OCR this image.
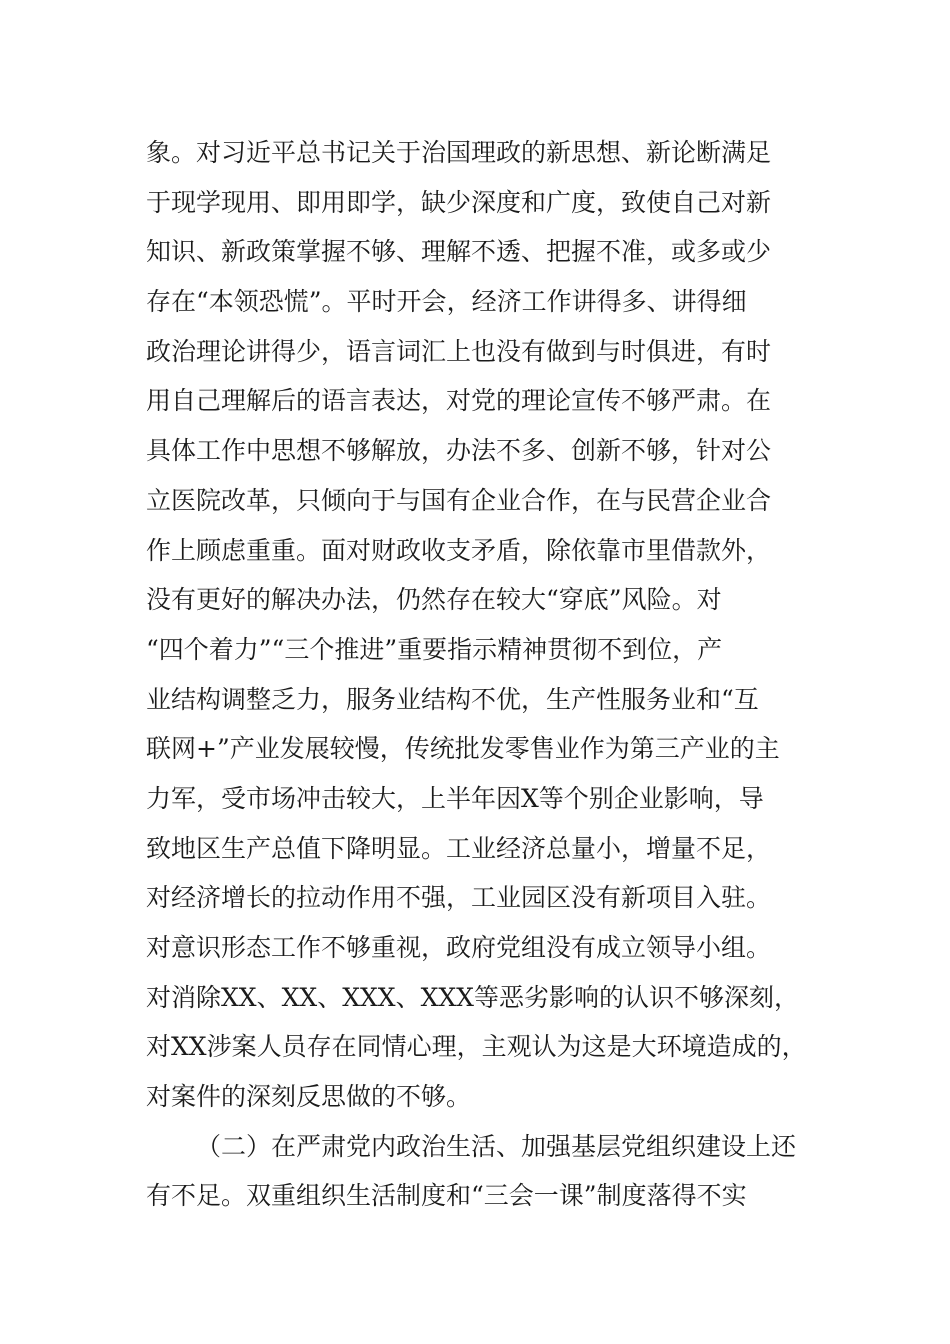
象。对习近平总书记关于治国理政的新思想、新论断满足
于现学现用、即用即学，缺少深度和广度，致使自己对新
知识、新政策掌握不够、理解不透、把握不准，或多或少
存在“本领恐慌”。平时开会，经济工作讲得多、讲得细
政治理论讲得少，语言词汇上也没有做到与时俱进，有时
用自己理解后的语言表达，对党的理论宣传不够严肃。在
具体工作中思想不够解放，办法不多、创新不够，针对公
立医院改革，只倾向于与国有企业合作，在与民营企业合
作上顾虑重重。面对财政收支矛盾，除依靠市里借款外，
没有更好的解决办法，仍然存在较大“穿底”风险。对
“四个着力”“三个推进”重要指示精神贯彻不到位，产
业结构调整乏力，服务业结构不优，生产性服务业和“互
联网+”产业发展较慢，传统批发零售业作为第三产业的主
力军，受市场冲击较大，上半年因X等个别企业影响，导
致地区生产总值下降明显。工业经济总量小，增量不足，
对经济增长的拉动作用不强，工业园区没有新项目入驻。
对意识形态工作不够重视，政府党组没有成立领导小组。
对消除XX、XX、XXX、XXX等恶劣影响的认识不够深刻，
对XX涉案人员存在同情心理，主观认为这是大环境造成的，
对案件的深刻反思做的不够。
（二）在严肃党内政治生活、加强基层党组织建设上还
有不足。双重组织生活制度和“三会一课”制度落得不实
